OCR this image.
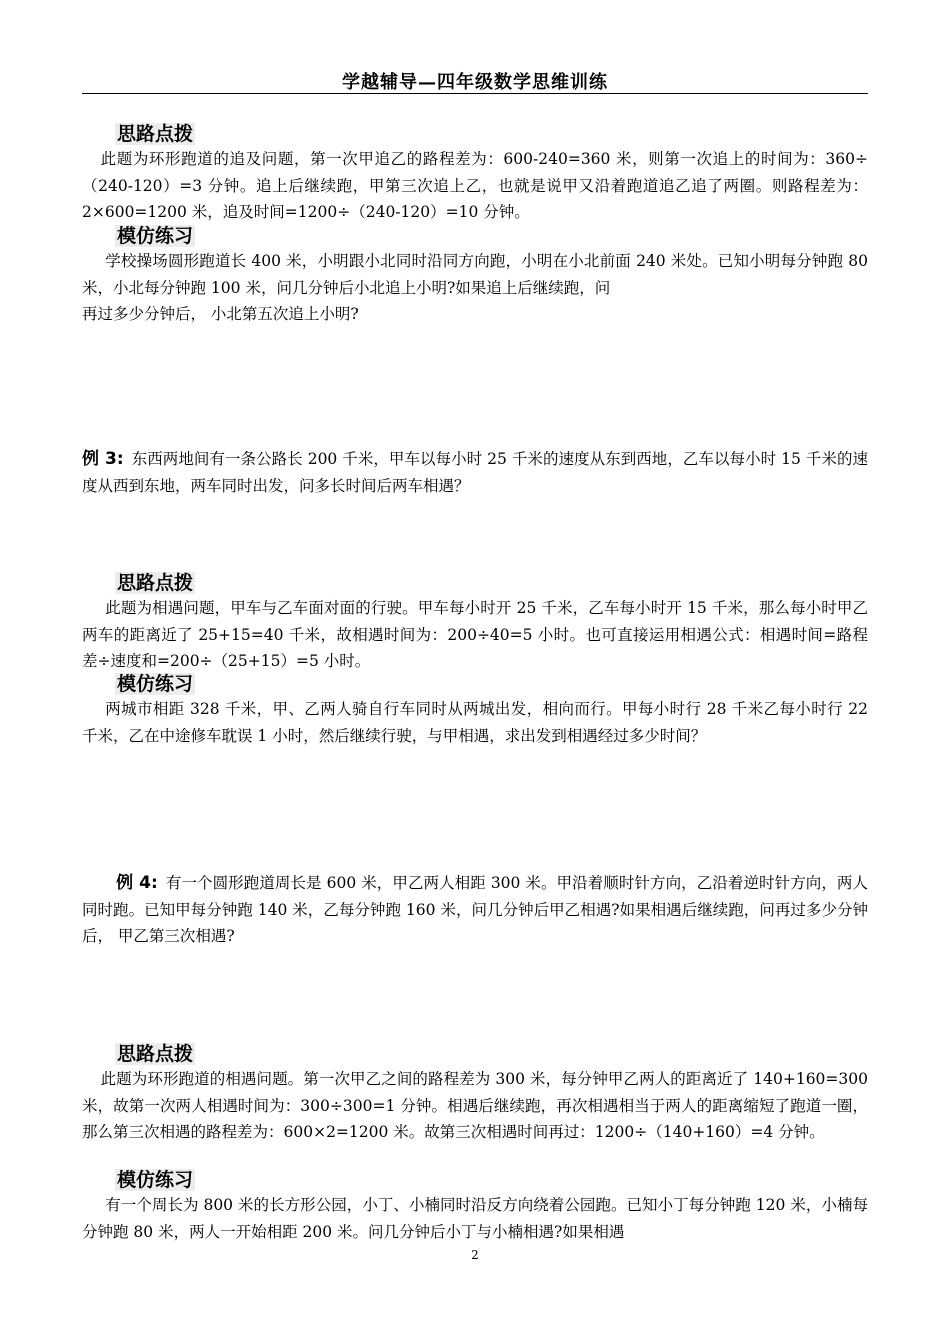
学越辅导—四年级数学思维训练
思路点拨

此题为环形跑道的追及问题，第一次甲追乙的路程差为：600-240=360 米，则第一次追上的时间为：360÷（240-120）=3 分钟。追上后继续跑，甲第三次追上乙，也就是说甲又沿着跑道追乙追了两圈。则路程差为：2×600=1200 米，追及时间=1200÷（240-120）=10 分钟。

模仿练习

学校操场圆形跑道长 400 米，小明跟小北同时沿同方向跑，小明在小北前面 240 米处。已知小明每分钟跑 80 米，小北每分钟跑 100 米，问几分钟后小北追上小明?如果追上后继续跑，问

再过多少分钟后， 小北第五次追上小明?

例 3: 东西两地间有一条公路长 200 千米，甲车以每小时 25 千米的速度从东到西地，乙车以每小时 15 千米的速度从西到东地，两车同时出发，问多长时间后两车相遇？

思路点拨

此题为相遇问题，甲车与乙车面对面的行驶。甲车每小时开 25 千米，乙车每小时开 15 千米，那么每小时甲乙两车的距离近了 25+15=40 千米，故相遇时间为：200÷40=5 小时。也可直接运用相遇公式：相遇时间=路程差÷速度和=200÷（25+15）=5 小时。

模仿练习

两城市相距 328 千米，甲、乙两人骑自行车同时从两城出发，相向而行。甲每小时行 28 千米乙每小时行 22 千米，乙在中途修车耽误 1 小时，然后继续行驶，与甲相遇，求出发到相遇经过多少时间？

例 4: 有一个圆形跑道周长是 600 米，甲乙两人相距 300 米。甲沿着顺时针方向，乙沿着逆时针方向，两人同时跑。已知甲每分钟跑 140 米，乙每分钟跑 160 米，问几分钟后甲乙相遇?如果相遇后继续跑，问再过多少分钟后， 甲乙第三次相遇?

思路点拨

此题为环形跑道的相遇问题。第一次甲乙之间的路程差为 300 米，每分钟甲乙两人的距离近了 140+160=300 米，故第一次两人相遇时间为：300÷300=1 分钟。相遇后继续跑，再次相遇相当于两人的距离缩短了跑道一圈，那么第三次相遇的路程差为：600×2=1200 米。故第三次相遇时间再过：1200÷（140+160）=4 分钟。

模仿练习

有一个周长为 800 米的长方形公园，小丁、小楠同时沿反方向绕着公园跑。已知小丁每分钟跑 120 米，小楠每分钟跑 80 米，两人一开始相距 200 米。问几分钟后小丁与小楠相遇?如果相遇

2
